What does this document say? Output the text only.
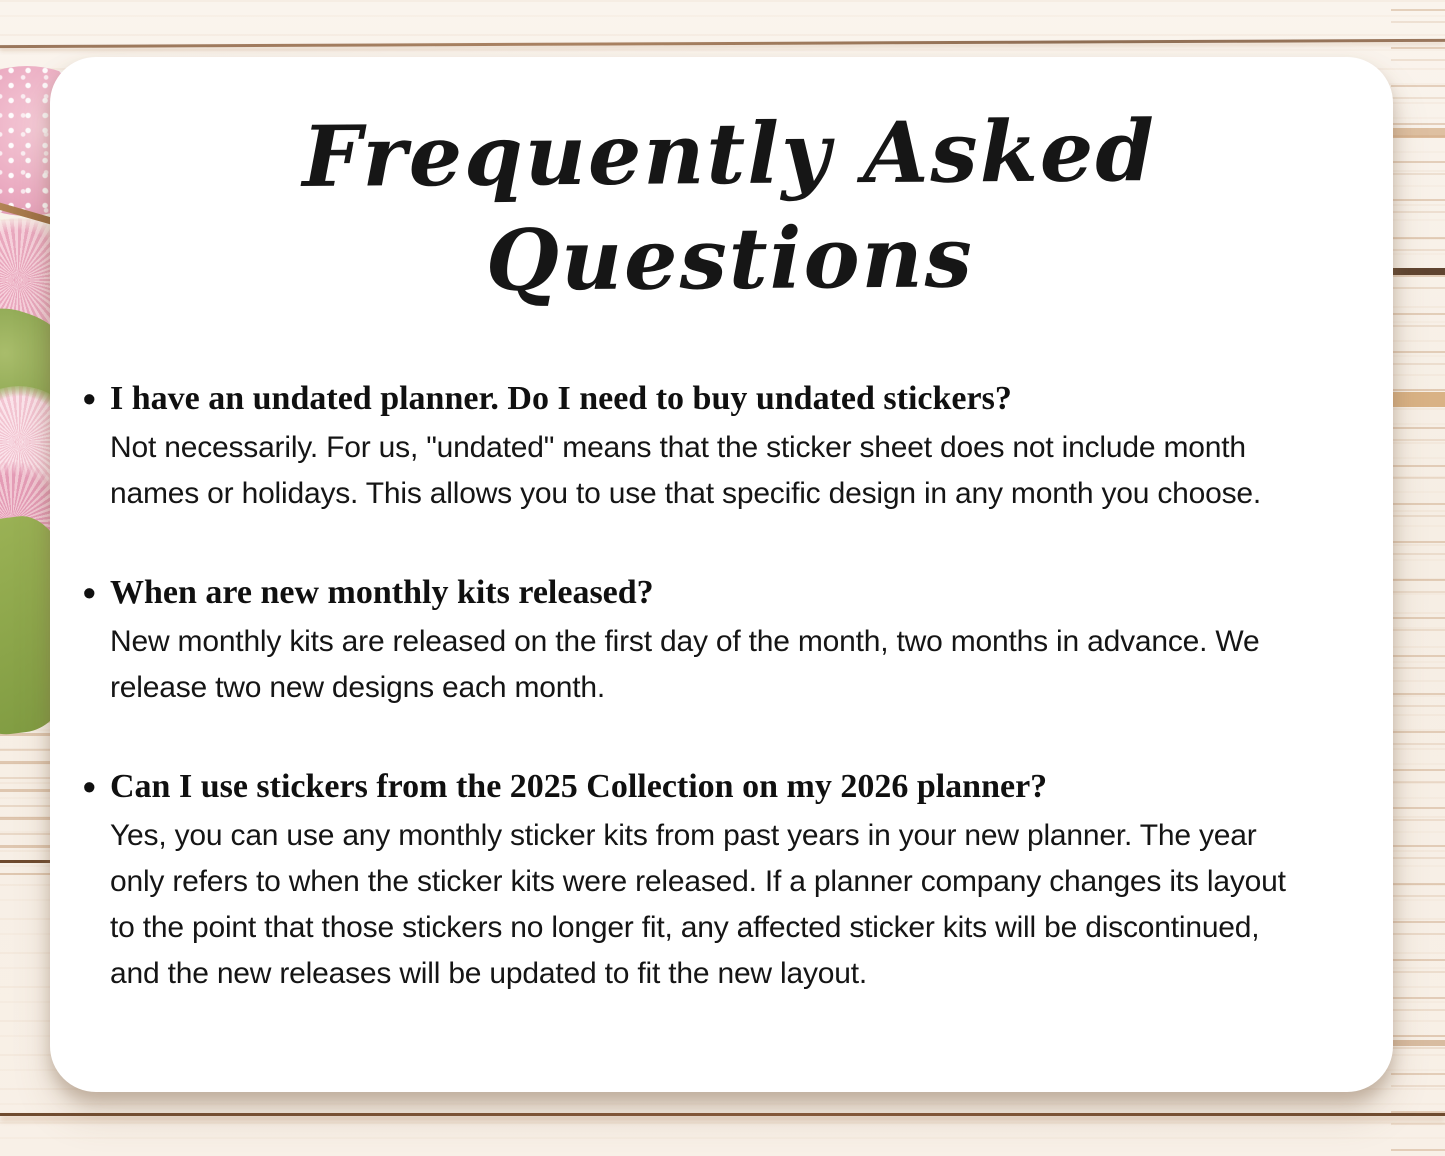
Frequently Asked Questions
• I have an undated planner. Do I need to buy undated stickers?
Not necessarily. For us, "undated" means that the sticker sheet does not include month names or holidays. This allows you to use that specific design in any month you choose.
• When are new monthly kits released?
New monthly kits are released on the first day of the month, two months in advance. We release two new designs each month.
• Can I use stickers from the 2025 Collection on my 2026 planner?
Yes, you can use any monthly sticker kits from past years in your new planner. The year only refers to when the sticker kits were released. If a planner company changes its layout to the point that those stickers no longer fit, any affected sticker kits will be discontinued, and the new releases will be updated to fit the new layout.
